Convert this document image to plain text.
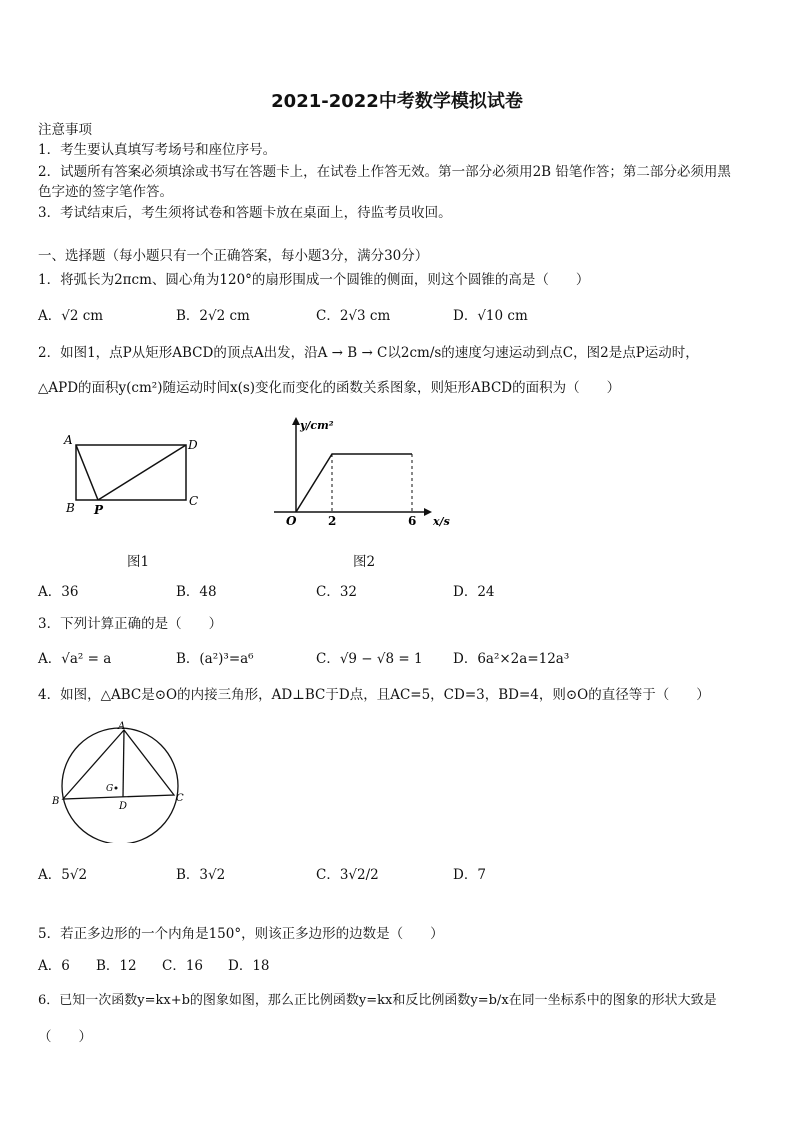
2021-2022中考数学模拟试卷
注意事项
1．考生要认真填写考场号和座位序号。
2．试题所有答案必须填涂或书写在答题卡上，在试卷上作答无效。第一部分必须用2B 铅笔作答；第二部分必须用黑
色字迹的签字笔作答。
3．考试结束后，考生须将试卷和答题卡放在桌面上，待监考员收回。
一、选择题（每小题只有一个正确答案，每小题3分，满分30分）
1．将弧长为2πcm、圆心角为120°的扇形围成一个圆锥的侧面，则这个圆锥的高是（　　）
A．√2 cm	B．2√2 cm	C．2√3 cm	D．√10 cm
2．如图1，点P从矩形ABCD的顶点A出发，沿A → B → C以2cm/s的速度匀速运动到点C，图2是点P运动时，
△APD的面积y(cm²)随运动时间x(s)变化而变化的函数关系图象，则矩形ABCD的面积为（　　）
A	D
B P
C
图1
y/cm²
x/s
O	2	6
图2
A．36	B．48	C．32	D．24
3．下列计算正确的是（　　）
A．√a² = a	B．(a²)³=a⁶	C．√9 − √8 = 1 D．6a²×2a=12a³
4．如图，△ABC是⊙O的内接三角形，AD⊥BC于D点，且AC=5，CD=3，BD=4，则⊙O的直径等于（　　）
A
B	C
D
G
A．5√2	B．3√2	C．3√2/2	D．7
5．若正多边形的一个内角是150°，则该正多边形的边数是（　　）
A．6 B．12 C．16 D．18
6．已知一次函数y=kx+b的图象如图，那么正比例函数y=kx和反比例函数y=b/x在同一坐标系中的图象的形状大致是
（　　）
